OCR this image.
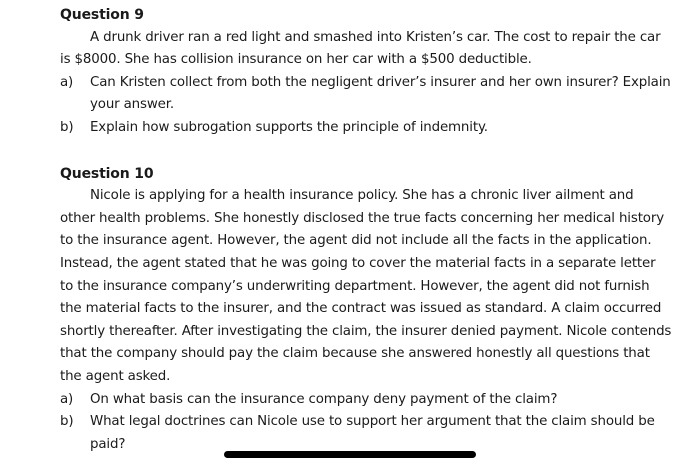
Question 9

A drunk driver ran a red light and smashed into Kristen’s car. The cost to repair the car is $8000. She has collision insurance on her car with a $500 deductible.

a)	Can Kristen collect from both the negligent driver’s insurer and her own insurer? Explain your answer.
b)	Explain how subrogation supports the principle of indemnity.
Question 10

Nicole is applying for a health insurance policy. She has a chronic liver ailment and other health problems. She honestly disclosed the true facts concerning her medical history to the insurance agent. However, the agent did not include all the facts in the application. Instead, the agent stated that he was going to cover the material facts in a separate letter to the insurance company’s underwriting department. However, the agent did not furnish the material facts to the insurer, and the contract was issued as standard. A claim occurred shortly thereafter. After investigating the claim, the insurer denied payment. Nicole contends that the company should pay the claim because she answered honestly all questions that the agent asked.

a)	On what basis can the insurance company deny payment of the claim?
b)	What legal doctrines can Nicole use to support her argument that the claim should be paid?
